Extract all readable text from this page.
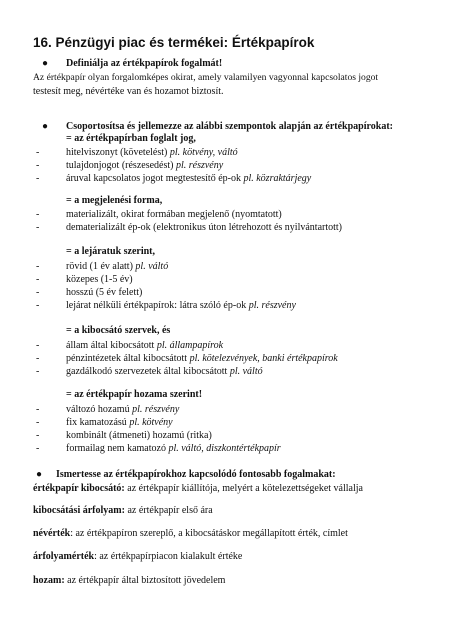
16. Pénzügyi piac és termékei: Értékpapírok
● Definiálja az értékpapírok fogalmát!
Az értékpapír olyan forgalomképes okirat, amely valamilyen vagyonnal kapcsolatos jogot
testesít meg, névértéke van és hozamot biztosít.
● Csoportosítsa és jellemezze az alábbi szempontok alapján az értékpapírokat:
= az értékpapírban foglalt jog,
-	hitelviszonyt (követelést) pl. kötvény, váltó
-	tulajdonjogot (részesedést) pl. részvény
-	áruval kapcsolatos jogot megtestesítő ép-ok pl. közraktárjegy
= a megjelenési forma,
-	materializált, okirat formában megjelenő (nyomtatott)
-	dematerializált ép-ok (elektronikus úton létrehozott és nyilvántartott)
= a lejáratuk szerint,
-	rövid (1 év alatt) pl. váltó
-	közepes (1-5 év)
-	hosszú (5 év felett)
-	lejárat nélküli értékpapírok: látra szóló ép-ok pl. részvény
= a kibocsátó szervek, és
-	állam által kibocsátott pl. állampapírok
-	pénzintézetek által kibocsátott pl. kötelezvények, banki értékpapírok
-	gazdálkodó szervezetek által kibocsátott pl. váltó
= az értékpapír hozama szerint!
-	változó hozamú pl. részvény
-	fix kamatozású pl. kötvény
-	kombinált (átmeneti) hozamú (ritka)
-	formailag nem kamatozó pl. váltó, diszkontértékpapír
● Ismertesse az értékpapírokhoz kapcsolódó fontosabb fogalmakat:
értékpapír kibocsátó: az értékpapír kiállítója, melyért a kötelezettségeket vállalja
kibocsátási árfolyam: az értékpapír első ára
névérték: az értékpapíron szereplő, a kibocsátáskor megállapított érték, címlet
árfolyamérték: az értékpapírpiacon kialakult értéke
hozam: az értékpapír által biztosított jövedelem
